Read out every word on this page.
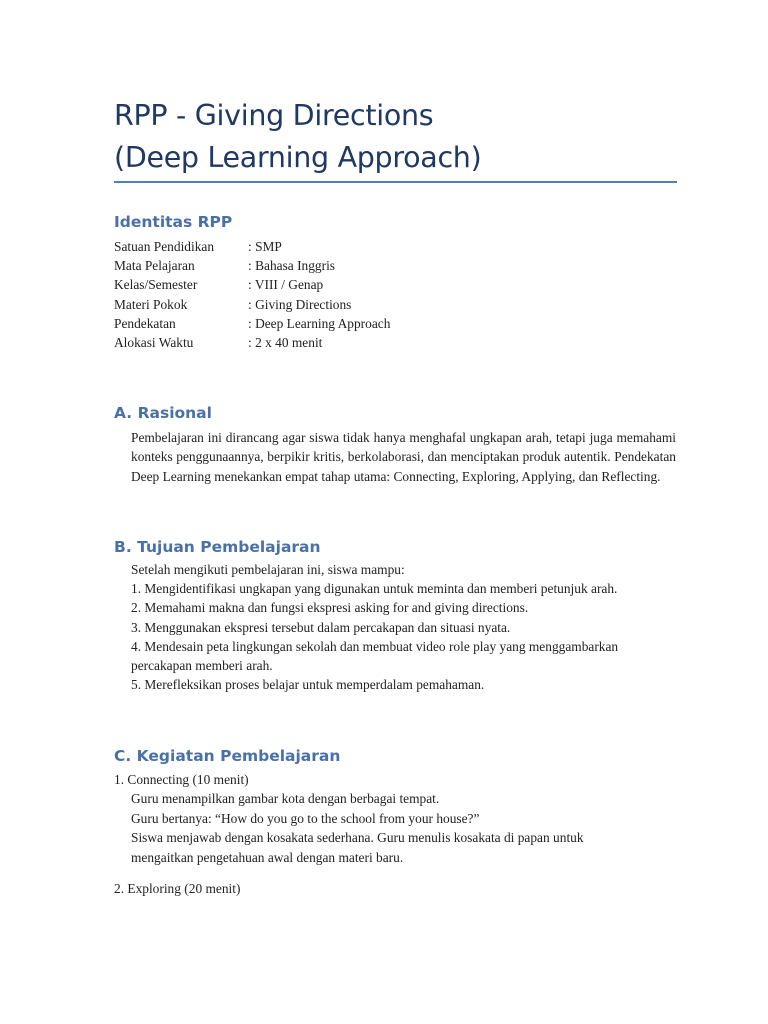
RPP - Giving Directions
(Deep Learning Approach)
Identitas RPP
Satuan Pendidikan	: SMP
Mata Pelajaran	: Bahasa Inggris
Kelas/Semester	: VIII / Genap
Materi Pokok	: Giving Directions
Pendekatan	: Deep Learning Approach
Alokasi Waktu	: 2 x 40 menit
A. Rasional

Pembelajaran ini dirancang agar siswa tidak hanya menghafal ungkapan arah, tetapi juga memahami konteks penggunaannya, berpikir kritis, berkolaborasi, dan menciptakan produk autentik. Pendekatan Deep Learning menekankan empat tahap utama: Connecting, Exploring, Applying, dan Reflecting.

B. Tujuan Pembelajaran
Setelah mengikuti pembelajaran ini, siswa mampu:
1. Mengidentifikasi ungkapan yang digunakan untuk meminta dan memberi petunjuk arah.
2. Memahami makna dan fungsi ekspresi asking for and giving directions.
3. Menggunakan ekspresi tersebut dalam percakapan dan situasi nyata.
4. Mendesain peta lingkungan sekolah dan membuat video role play yang menggambarkan
percakapan memberi arah.
5. Merefleksikan proses belajar untuk memperdalam pemahaman.
C. Kegiatan Pembelajaran
1. Connecting (10 menit)
Guru menampilkan gambar kota dengan berbagai tempat.
Guru bertanya: “How do you go to the school from your house?”
Siswa menjawab dengan kosakata sederhana. Guru menulis kosakata di papan untuk
mengaitkan pengetahuan awal dengan materi baru.
2. Exploring (20 menit)
